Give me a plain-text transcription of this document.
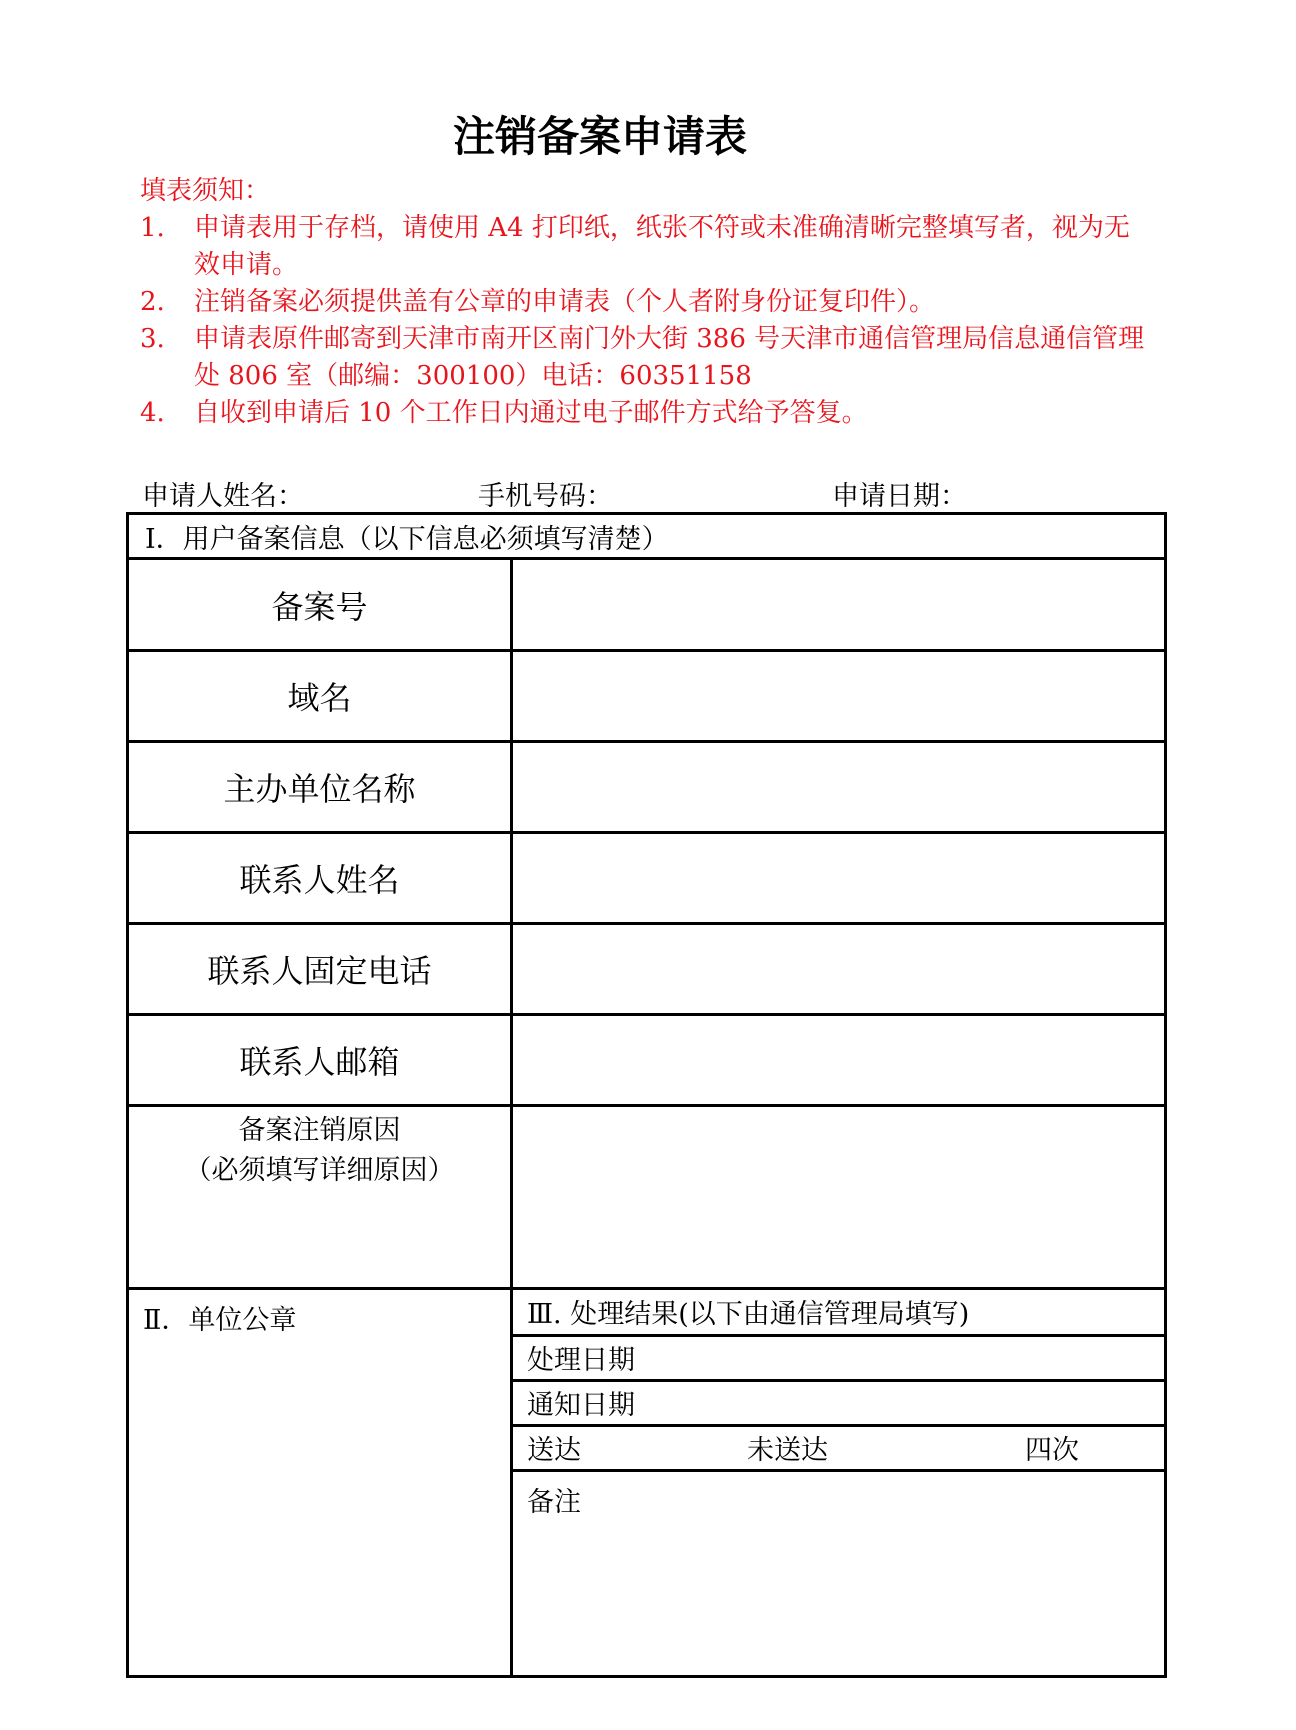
注销备案申请表
填表须知：
1.	申请表用于存档，请使用 A4 打印纸，纸张不符或未准确清晰完整填写者，视为无效申请。
2.	注销备案必须提供盖有公章的申请表（个人者附身份证复印件）。
3.	申请表原件邮寄到天津市南开区南门外大街 386 号天津市通信管理局信息通信管理处 806 室（邮编：300100）电话：60351158
4.	自收到申请后 10 个工作日内通过电子邮件方式给予答复。
申请人姓名：	手机号码：	申请日期：
Ⅰ．用户备案信息（以下信息必须填写清楚）
备案号	
域名	
主办单位名称	
联系人姓名	
联系人固定电话	
联系人邮箱	

备案注销原因
（必须填写详细原因）

Ⅱ．单位公章		Ⅲ. 处理结果(以下由通信管理局填写)
处理日期
通知日期

送达	未送达	四次

备注
